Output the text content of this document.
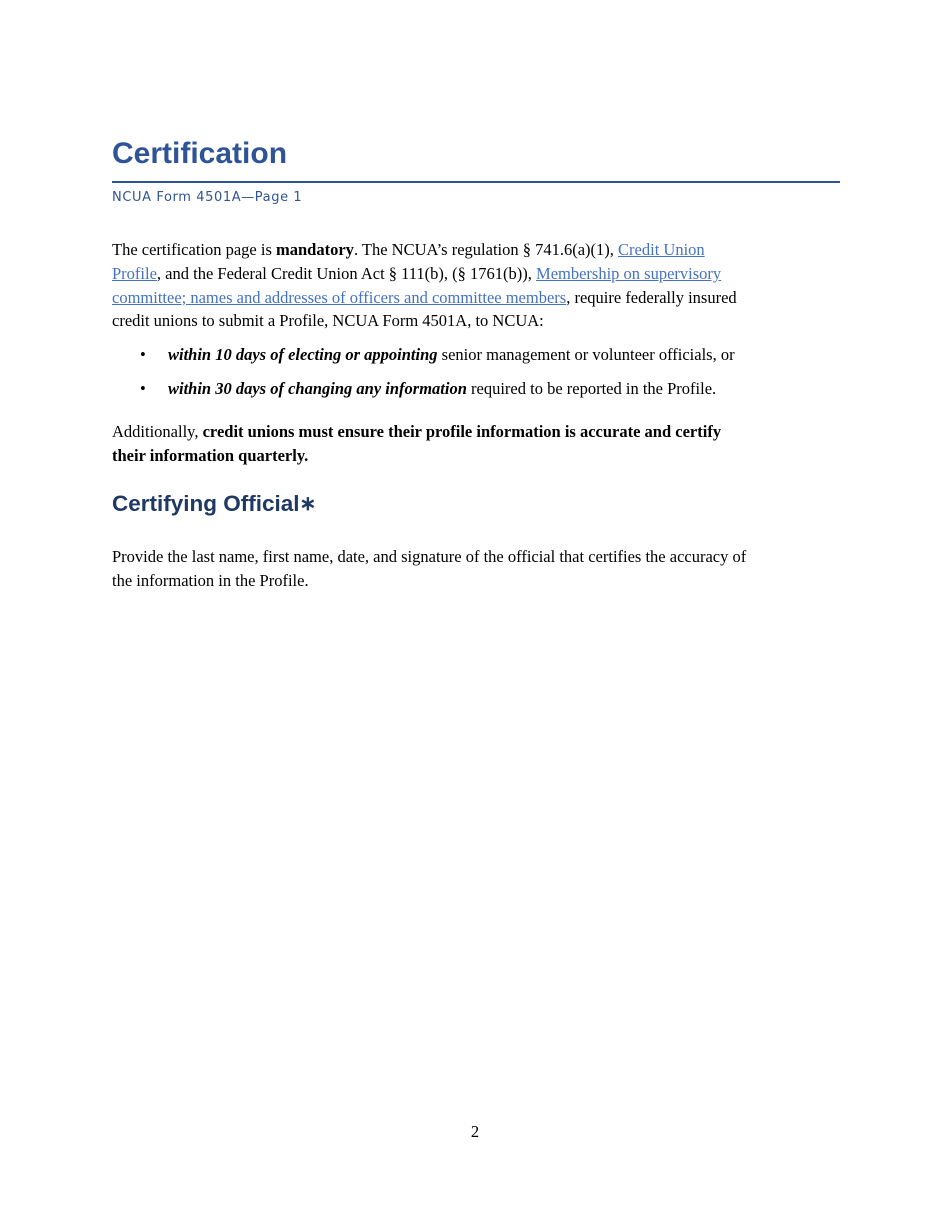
Certification

NCUA Form 4501A—Page 1

The certification page is mandatory. The NCUA’s regulation § 741.6(a)(1), Credit Union
Profile, and the Federal Credit Union Act § 111(b), (§ 1761(b)), Membership on supervisory
committee; names and addresses of officers and committee members, require federally insured
credit unions to submit a Profile, NCUA Form 4501A, to NCUA:

• within 10 days of electing or appointing senior management or volunteer officials, or
• within 30 days of changing any information required to be reported in the Profile.

Additionally, credit unions must ensure their profile information is accurate and certify
their information quarterly.

Certifying Official∗

Provide the last name, first name, date, and signature of the official that certifies the accuracy of
the information in the Profile.

2
